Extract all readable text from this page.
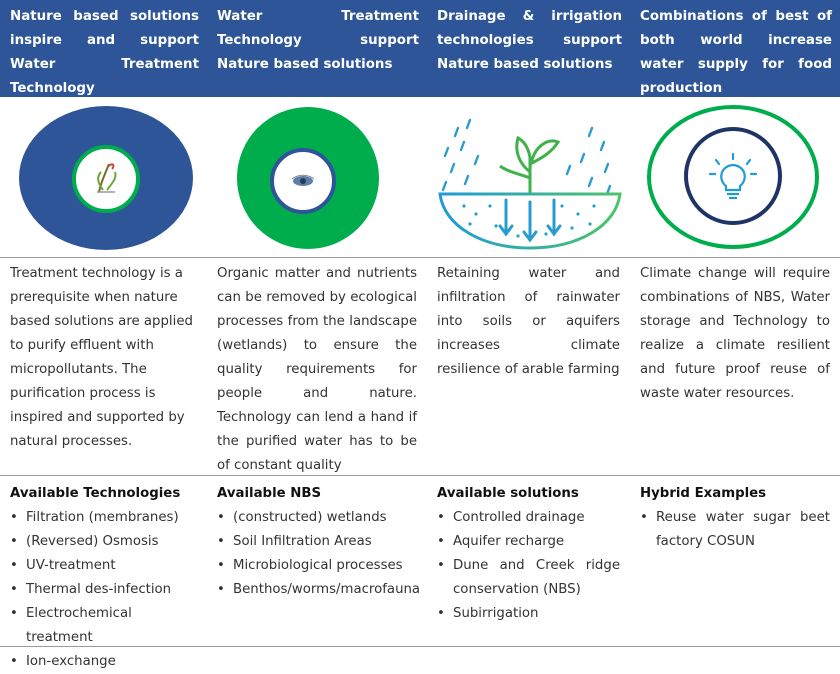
Nature based solutions inspire and support Water Treatment Technology
Water Treatment Technology support Nature based solutions
Drainage & irrigation technologies support Nature based solutions
Combinations of best of both world increase water supply for food production
Treatment technology is a prerequisite when nature based solutions are applied to purify effluent with micropollutants. The purification process is inspired and supported by natural processes.
Organic matter and nutrients can be removed by ecological processes from the landscape (wetlands) to ensure the quality requirements for people and nature. Technology can lend a hand if the purified water has to be of constant quality
Retaining water and infiltration of rainwater into soils or aquifers increases climate resilience of arable farming
Climate change will require combinations of NBS, Water storage and Technology to realize a climate resilient and future proof reuse of waste water resources.
Available Technologies
• Filtration (membranes)
• (Reversed) Osmosis
• UV-treatment
• Thermal des-infection
• Electrochemical treatment
• Ion-exchange
Available NBS
• (constructed) wetlands
• Soil Infiltration Areas
• Microbiological processes
• Benthos/worms/macrofauna
Available solutions
• Controlled drainage
• Aquifer recharge
• Dune and Creek ridge conservation (NBS)
• Subirrigation
Hybrid Examples
• Reuse water sugar beet factory COSUN
